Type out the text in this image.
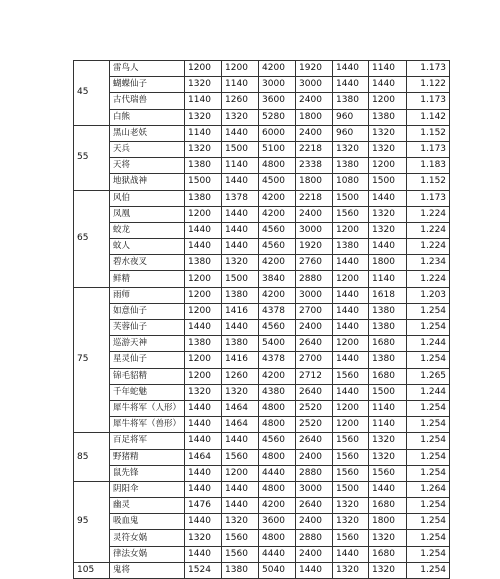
45	雷鸟人	1200	1200	4200	1920	1440	1140	1.173
	蝴蝶仙子	1320	1140	3000	3000	1440	1440	1.122
	古代瑞兽	1140	1260	3600	2400	1380	1200	1.173
	白熊	1320	1320	5280	1800	960	1380	1.142
55	黑山老妖	1140	1440	6000	2400	960	1320	1.152
	天兵	1320	1500	5100	2218	1320	1320	1.173
	天将	1380	1140	4800	2338	1380	1200	1.183
	地狱战神	1500	1440	4500	1800	1080	1500	1.152
65	风伯	1380	1378	4200	2218	1500	1440	1.173
	凤凰	1200	1440	4200	2400	1560	1320	1.224
	蛟龙	1440	1440	4560	3000	1200	1320	1.224
	蚊人	1440	1440	4560	1920	1380	1440	1.224
	碧水夜叉	1380	1320	4200	2760	1440	1800	1.234
	鲜精	1200	1500	3840	2880	1200	1140	1.224
75	雨师	1200	1380	4200	3000	1440	1618	1.203
	如意仙子	1200	1416	4378	2700	1440	1380	1.254
	芙蓉仙子	1440	1440	4560	2400	1440	1380	1.254
	巡游天神	1380	1380	5400	2640	1200	1680	1.244
	星灵仙子	1200	1416	4378	2700	1440	1380	1.254
	锦毛貂精	1200	1260	4200	2712	1560	1680	1.265
	千年蛇魅	1320	1320	4380	2640	1440	1500	1.244
	犀牛将军（人形）	1440	1464	4800	2520	1200	1140	1.254
	犀牛将军（兽形）	1440	1464	4800	2520	1200	1140	1.254
85	百足将军	1440	1440	4560	2640	1560	1320	1.254
	野猪精	1464	1560	4800	2400	1560	1320	1.254
	鼠先锋	1440	1200	4440	2880	1560	1560	1.254
95	阴阳伞	1440	1440	4800	3000	1500	1440	1.264
	幽灵	1476	1440	4200	2640	1320	1680	1.254
	吸血鬼	1440	1320	3600	2400	1320	1800	1.254
	灵符女娲	1320	1560	4800	2880	1560	1320	1.254
	律法女娲	1440	1560	4440	2400	1440	1680	1.254
105	鬼将	1524	1380	5040	1440	1320	1320	1.254
